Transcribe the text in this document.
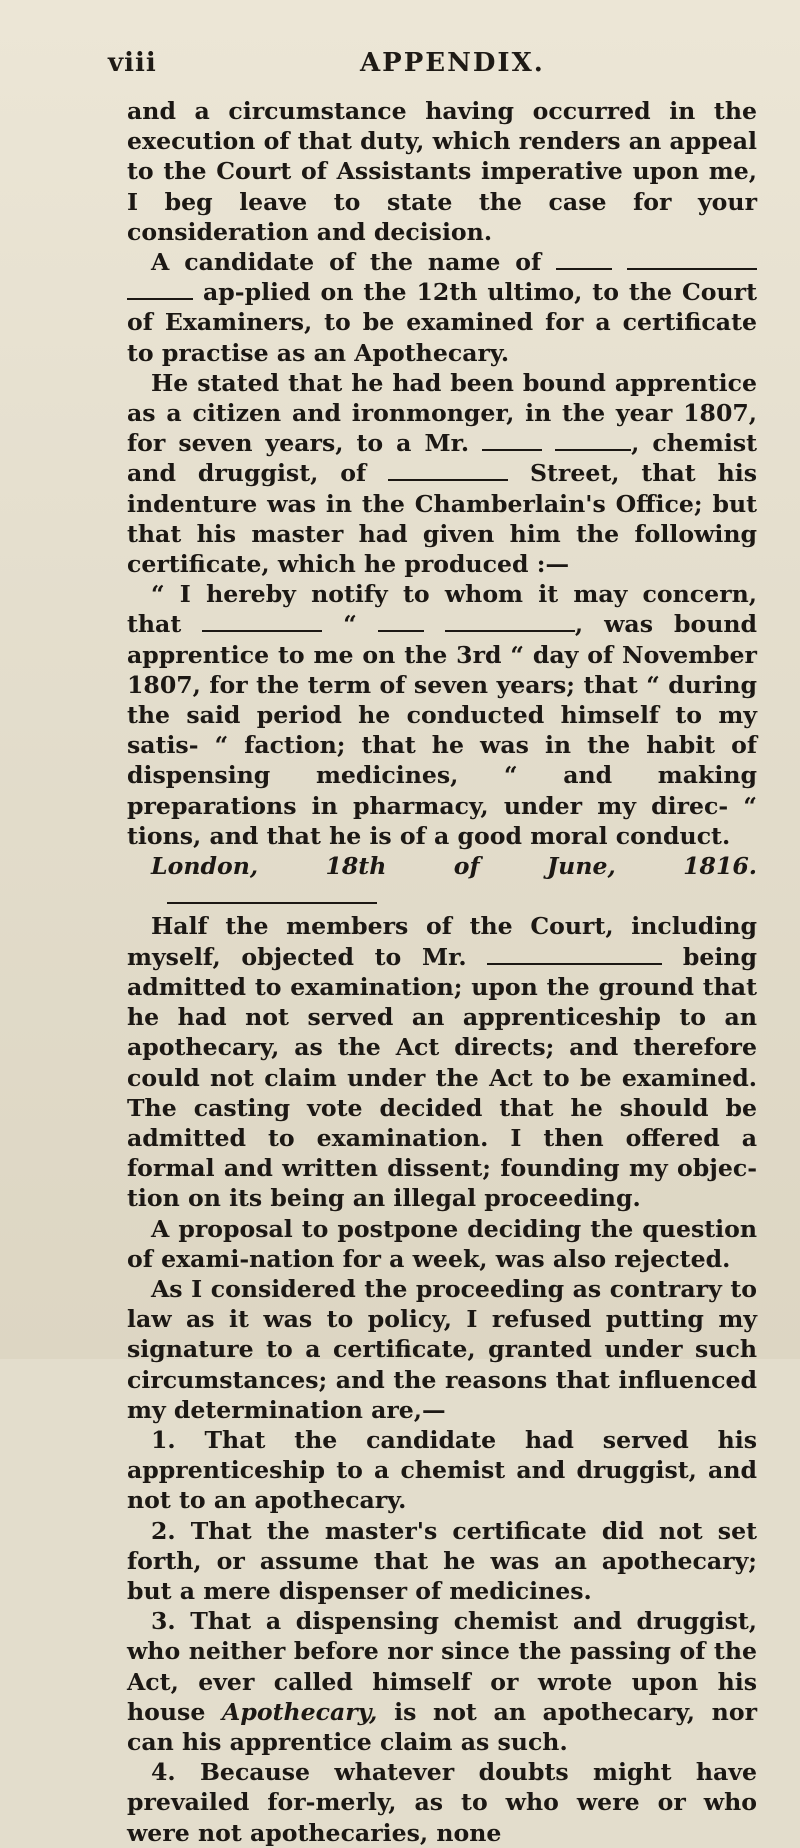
viii	APPENDIX.

and a circumstance having occurred in the execution of that duty, which renders an appeal to the Court of Assistants imperative upon me, I beg leave to state the case for your consideration and decision.

A candidate of the name of    ap-plied on the 12th ultimo, to the Court of Examiners, to be examined for a certificate to practise as an Apothecary.

He stated that he had been bound apprentice as a citizen and ironmonger, in the year 1807, for seven years, to a Mr.	, chemist and druggist, of	Street, that his indenture was in the Chamberlain's Office; but that his master had given him the following certificate, which he produced :—

“ I hereby notify to whom it may concern, that	“	, was bound apprentice to me on the 3rd “ day of November 1807, for the term of seven years; that “ during the said period he conducted himself to my satis- “ faction; that he was in the habit of dispensing medicines, “ and making preparations in pharmacy, under my direc- “ tions, and that he is of a good moral conduct.

London, 18th of June, 1816.

Half the members of the Court, including myself, objected to Mr.	being admitted to examination; upon the ground that he had not served an apprenticeship to an apothecary, as the Act directs; and therefore could not claim under the Act to be examined. The casting vote decided that he should be admitted to examination. I then offered a formal and written dissent; founding my objec-tion on its being an illegal proceeding.

A proposal to postpone deciding the question of exami-nation for a week, was also rejected.

As I considered the proceeding as contrary to law as it was to policy, I refused putting my signature to a certificate, granted under such circumstances; and the reasons that influenced my determination are,—

1. That the candidate had served his apprenticeship to a chemist and druggist, and not to an apothecary.

2. That the master's certificate did not set forth, or assume that he was an apothecary; but a mere dispenser of medicines.

3. That a dispensing chemist and druggist, who neither before nor since the passing of the Act, ever called himself or wrote upon his house Apothecary, is not an apothecary, nor can his apprentice claim as such.

4. Because whatever doubts might have prevailed for-merly, as to who were or who were not apothecaries, none
